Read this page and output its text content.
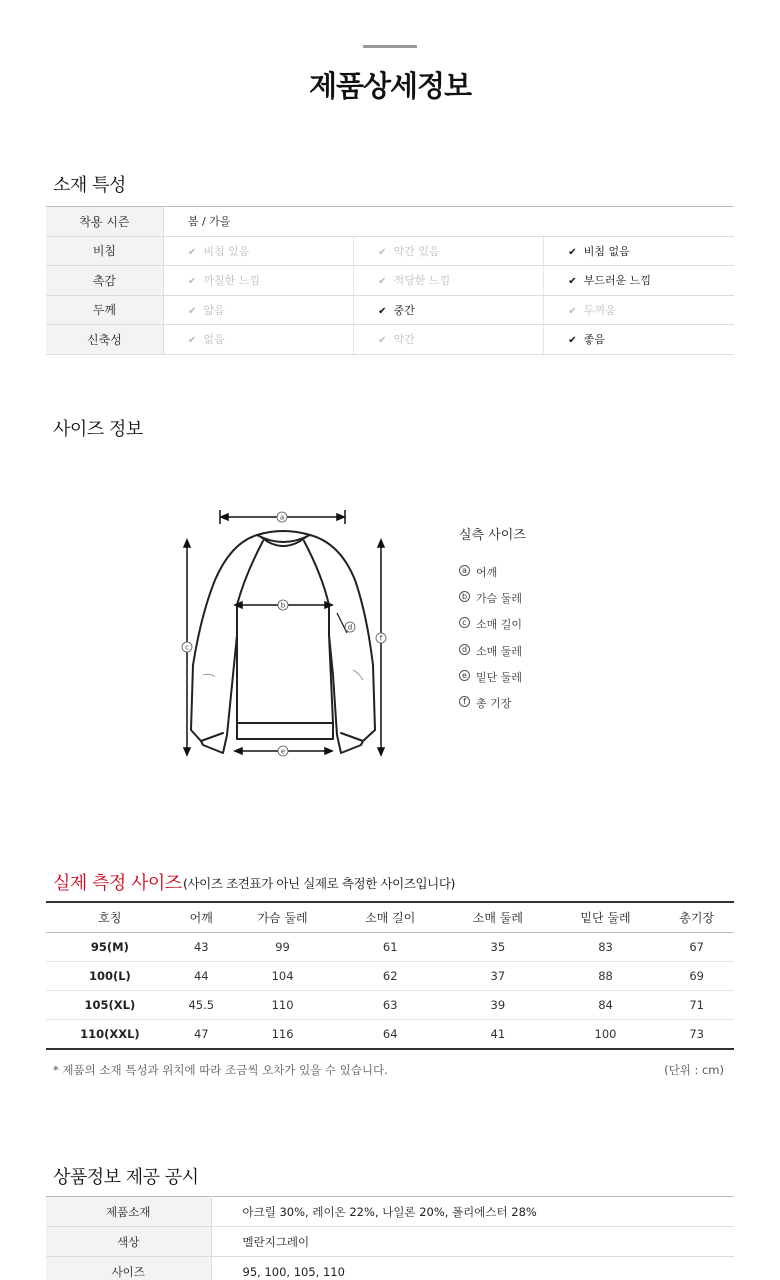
제품상세정보
소재 특성
착용 시즌	봄 / 가을		
비침	✔ 비침 있음	✔ 약간 있음	✔ 비침 없음
촉감	✔ 까칠한 느낌	✔ 적당한 느낌	✔ 부드러운 느낌
두께	✔ 얇음	✔ 중간	✔ 두꺼움
신축성	✔ 없음	✔ 약간	✔ 좋음
사이즈 정보
a
b
c
d
e
f
실측 사이즈
a 어깨
b 가슴 둘레
c 소매 길이
d 소매 둘레
e 밑단 둘레
f 총 기장
실제 측정 사이즈 (사이즈 조견표가 아닌 실제로 측정한 사이즈입니다)
호칭	어깨	가슴 둘레	소매 길이	소매 둘레	밑단 둘레	총기장
95(M)	43	99	61	35	83	67
100(L)	44	104	62	37	88	69
105(XL)	45.5	110	63	39	84	71
110(XXL)	47	116	64	41	100	73
* 제품의 소재 특성과 위치에 따라 조금씩 오차가 있을 수 있습니다.	(단위 : cm)
상품정보 제공 공시
제품소재	아크릴 30%, 레이온 22%, 나일론 20%, 폴리에스터 28%
색상	멜란지그레이
사이즈	95, 100, 105, 110
